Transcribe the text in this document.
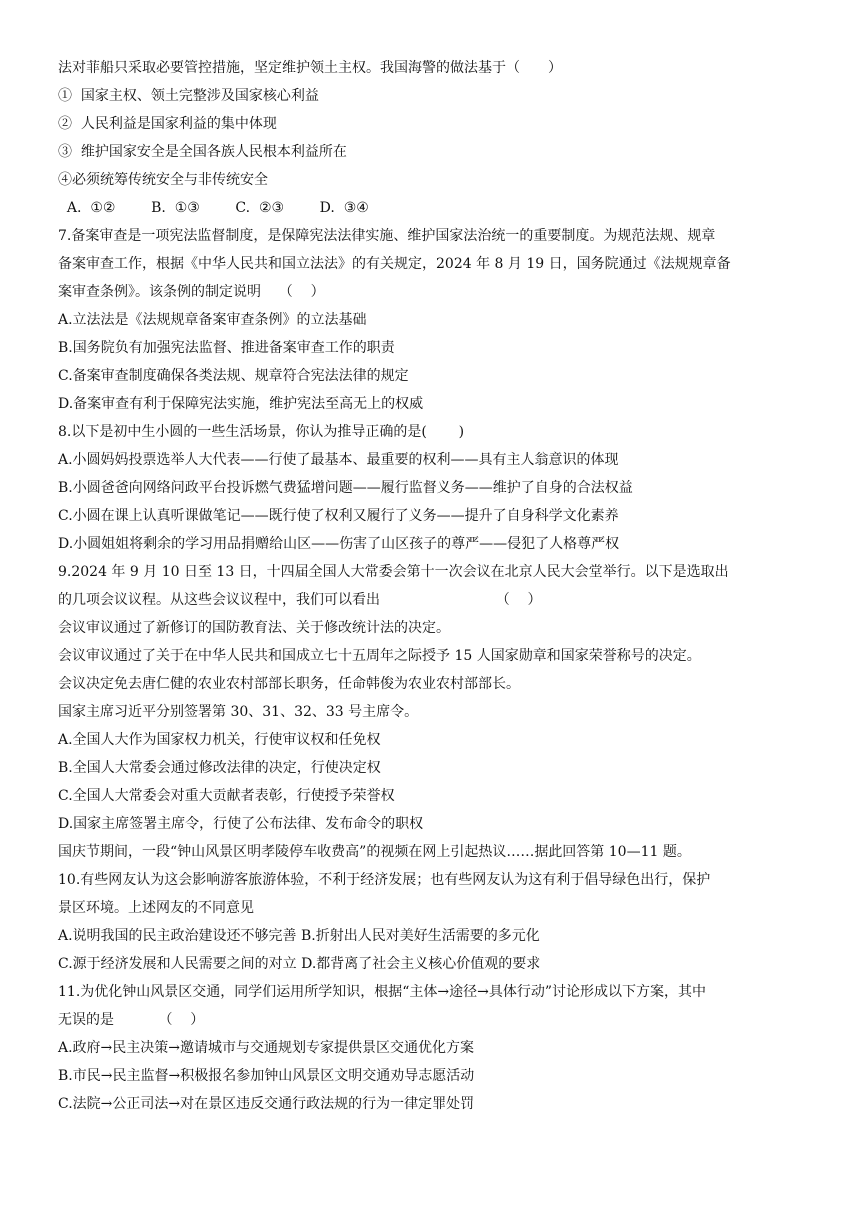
法对菲船只采取必要管控措施，坚定维护领土主权。我国海警的做法基于（　　）
①  国家主权、领土完整涉及国家核心利益
②  人民利益是国家利益的集中体现
③  维护国家安全是全国各族人民根本利益所在
④必须统筹传统安全与非传统安全
A.  ①②        B.  ①③        C.  ②③        D.  ③④
7.备案审查是一项宪法监督制度，是保障宪法法律实施、维护国家法治统一的重要制度。为规范法规、规章
备案审查工作，根据《中华人民共和国立法法》的有关规定，2024 年 8 月 19 日，国务院通过《法规规章备
案审查条例》。该条例的制定说明    （    ）
A.立法法是《法规规章备案审查条例》的立法基础
B.国务院负有加强宪法监督、推进备案审查工作的职责
C.备案审查制度确保各类法规、规章符合宪法法律的规定
D.备案审查有利于保障宪法实施，维护宪法至高无上的权威
8.以下是初中生小圆的一些生活场景，你认为推导正确的是(    　)
A.小圆妈妈投票选举人大代表——行使了最基本、最重要的权利——具有主人翁意识的体现
B.小圆爸爸向网络问政平台投诉燃气费猛增问题——履行监督义务——维护了自身的合法权益
C.小圆在课上认真听课做笔记——既行使了权利又履行了义务——提升了自身科学文化素养
D.小圆姐姐将剩余的学习用品捐赠给山区——伤害了山区孩子的尊严——侵犯了人格尊严权
9.2024 年 9 月 10 日至 13 日，十四届全国人大常委会第十一次会议在北京人民大会堂举行。以下是选取出
的几项会议议程。从这些会议议程中，我们可以看出                          （    ）
会议审议通过了新修订的国防教育法、关于修改统计法的决定。
会议审议通过了关于在中华人民共和国成立七十五周年之际授予 15 人国家勋章和国家荣誉称号的决定。
会议决定免去唐仁健的农业农村部部长职务，任命韩俊为农业农村部部长。
国家主席习近平分别签署第 30、31、32、33 号主席令。
A.全国人大作为国家权力机关，行使审议权和任免权
B.全国人大常委会通过修改法律的决定，行使决定权
C.全国人大常委会对重大贡献者表彰，行使授予荣誉权
D.国家主席签署主席令，行使了公布法律、发布命令的职权
国庆节期间，一段“钟山风景区明孝陵停车收费高”的视频在网上引起热议……据此回答第 10—11 题。
10.有些网友认为这会影响游客旅游体验，不利于经济发展；也有些网友认为这有利于倡导绿色出行，保护
景区环境。上述网友的不同意见
A.说明我国的民主政治建设还不够完善 B.折射出人民对美好生活需要的多元化
C.源于经济发展和人民需要之间的对立 D.都背离了社会主义核心价值观的要求
11.为优化钟山风景区交通，同学们运用所学知识，根据“主体→途径→具体行动”讨论形成以下方案，其中
无误的是          （    ）
A.政府→民主决策→邀请城市与交通规划专家提供景区交通优化方案
B.市民→民主监督→积极报名参加钟山风景区文明交通劝导志愿活动
C.法院→公正司法→对在景区违反交通行政法规的行为一律定罪处罚
